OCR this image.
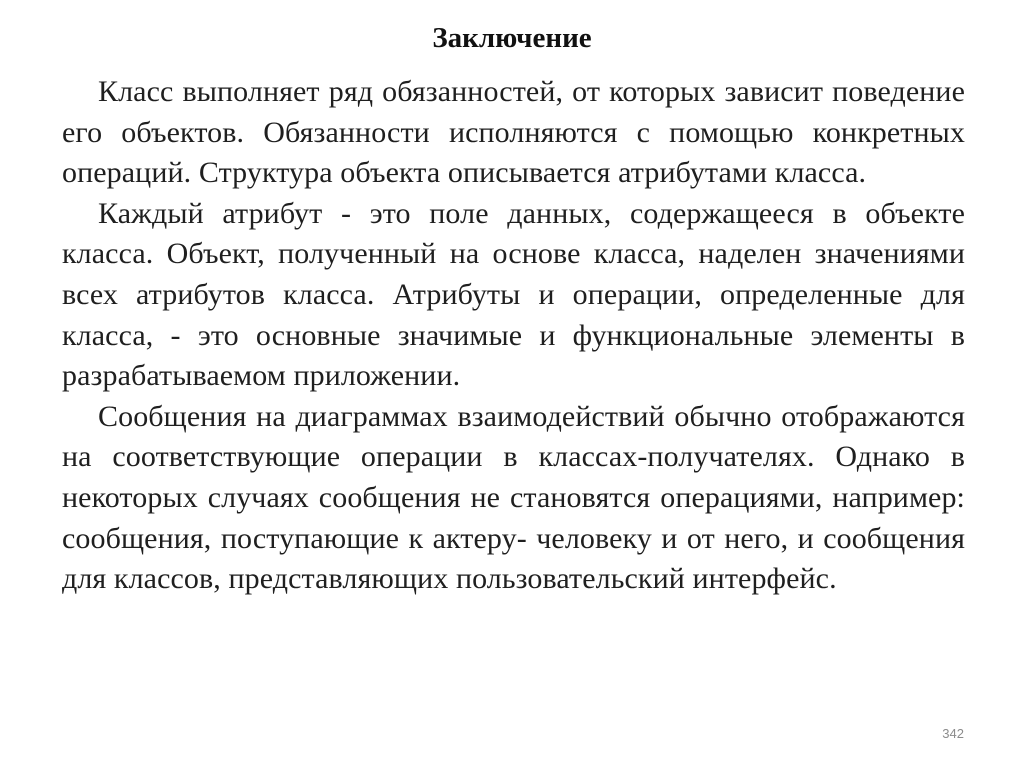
Заключение

Класс выполняет ряд обязанностей, от которых зависит поведение его объектов. Обязанности исполняются с помощью конкретных операций. Структура объекта описывается атрибутами класса.

Каждый атрибут - это поле данных, содержащееся в объекте класса. Объект, полученный на основе класса, наделен значениями всех атрибутов класса. Атрибуты и операции, определенные для класса, - это основные значимые и функциональные элементы в разрабатываемом приложении.

Сообщения на диаграммах взаимодействий обычно отображаются на соответствующие операции в классах-получателях. Однако в некоторых случаях сообщения не становятся операциями, например: сообщения, поступающие к актеру- человеку и от него, и сообщения для классов, представляющих пользовательский интерфейс.

342
